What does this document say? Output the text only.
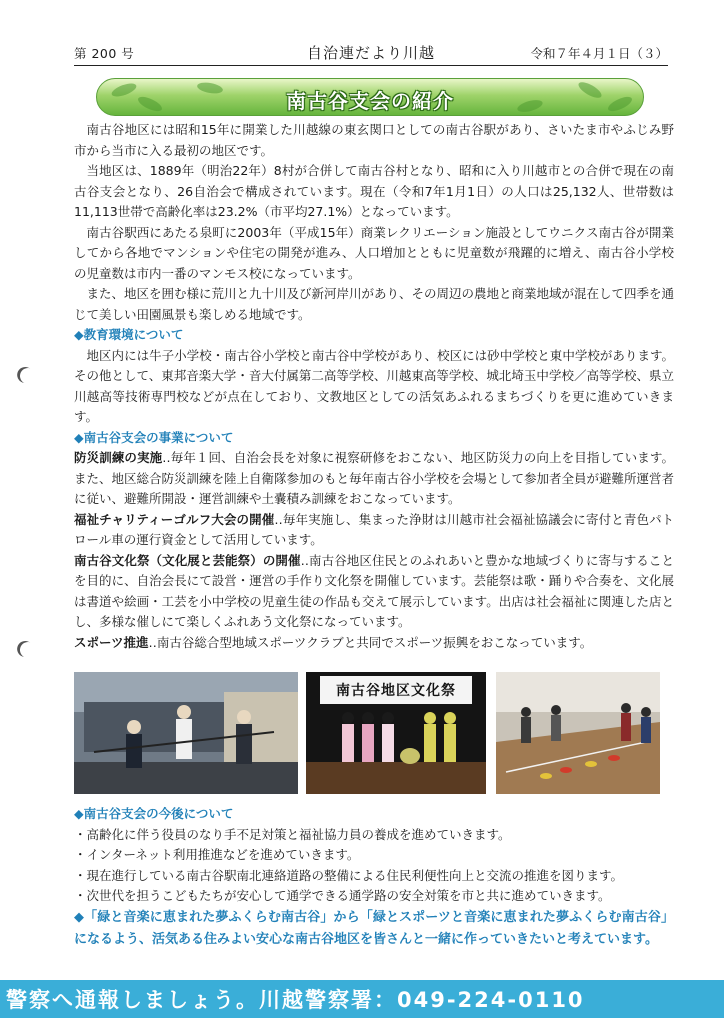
第 200 号	自治連だより川越	令和７年４月１日（３）
南古谷支会の紹介

南古谷地区には昭和15年に開業した川越線の東玄関口としての南古谷駅があり、さいたま市やふじみ野市から当市に入る最初の地区です。

当地区は、1889年（明治22年）8村が合併して南古谷村となり、昭和に入り川越市との合併で現在の南古谷支会となり、26自治会で構成されています。現在（令和7年1月1日）の人口は25,132人、世帯数は11,113世帯で高齢化率は23.2%（市平均27.1%）となっています。

南古谷駅西にあたる泉町に2003年（平成15年）商業レクリエーション施設としてウニクス南古谷が開業してから各地でマンションや住宅の開発が進み、人口増加とともに児童数が飛躍的に増え、南古谷小学校の児童数は市内一番のマンモス校になっています。

また、地区を囲む様に荒川と九十川及び新河岸川があり、その周辺の農地と商業地域が混在して四季を通じて美しい田園風景も楽しめる地域です。

◆教育環境について

地区内には牛子小学校・南古谷小学校と南古谷中学校があり、校区には砂中学校と東中学校があります。その他として、東邦音楽大学・音大付属第二高等学校、川越東高等学校、城北埼玉中学校／高等学校、県立川越高等技術専門校などが点在しており、文教地区としての活気あふれるまちづくりを更に進めていきます。

◆南古谷支会の事業について

防災訓練の実施‥毎年１回、自治会長を対象に視察研修をおこない、地区防災力の向上を目指しています。また、地区総合防災訓練を陸上自衛隊参加のもと毎年南古谷小学校を会場として参加者全員が避難所運営者に従い、避難所開設・運営訓練や土嚢積み訓練をおこなっています。

福祉チャリティーゴルフ大会の開催‥毎年実施し、集まった浄財は川越市社会福祉協議会に寄付と青色パトロール車の運行資金として活用しています。

南古谷文化祭（文化展と芸能祭）の開催‥南古谷地区住民とのふれあいと豊かな地域づくりに寄与することを目的に、自治会長にて設営・運営の手作り文化祭を開催しています。芸能祭は歌・踊りや合奏を、文化展は書道や絵画・工芸を小中学校の児童生徒の作品も交えて展示しています。出店は社会福祉に関連した店とし、多様な催しにて楽しくふれあう文化祭になっています。

スポーツ推進‥南古谷総合型地域スポーツクラブと共同でスポーツ振興をおこなっています。

南古谷地区文化祭
◆南古谷支会の今後について
・高齢化に伴う役員のなり手不足対策と福祉協力員の養成を進めていきます。
・インターネット利用推進などを進めていきます。
・現在進行している南古谷駅南北連絡道路の整備による住民利便性向上と交流の推進を図ります。
・次世代を担うこどもたちが安心して通学できる通学路の安全対策を市と共に進めていきます。

◆「緑と音楽に恵まれた夢ふくらむ南古谷」から「緑とスポーツと音楽に恵まれた夢ふくらむ南古谷」になるよう、活気ある住みよい安心な南古谷地区を皆さんと一緒に作っていきたいと考えています。

警察へ通報しましょう。川越警察署：049-224-0110
